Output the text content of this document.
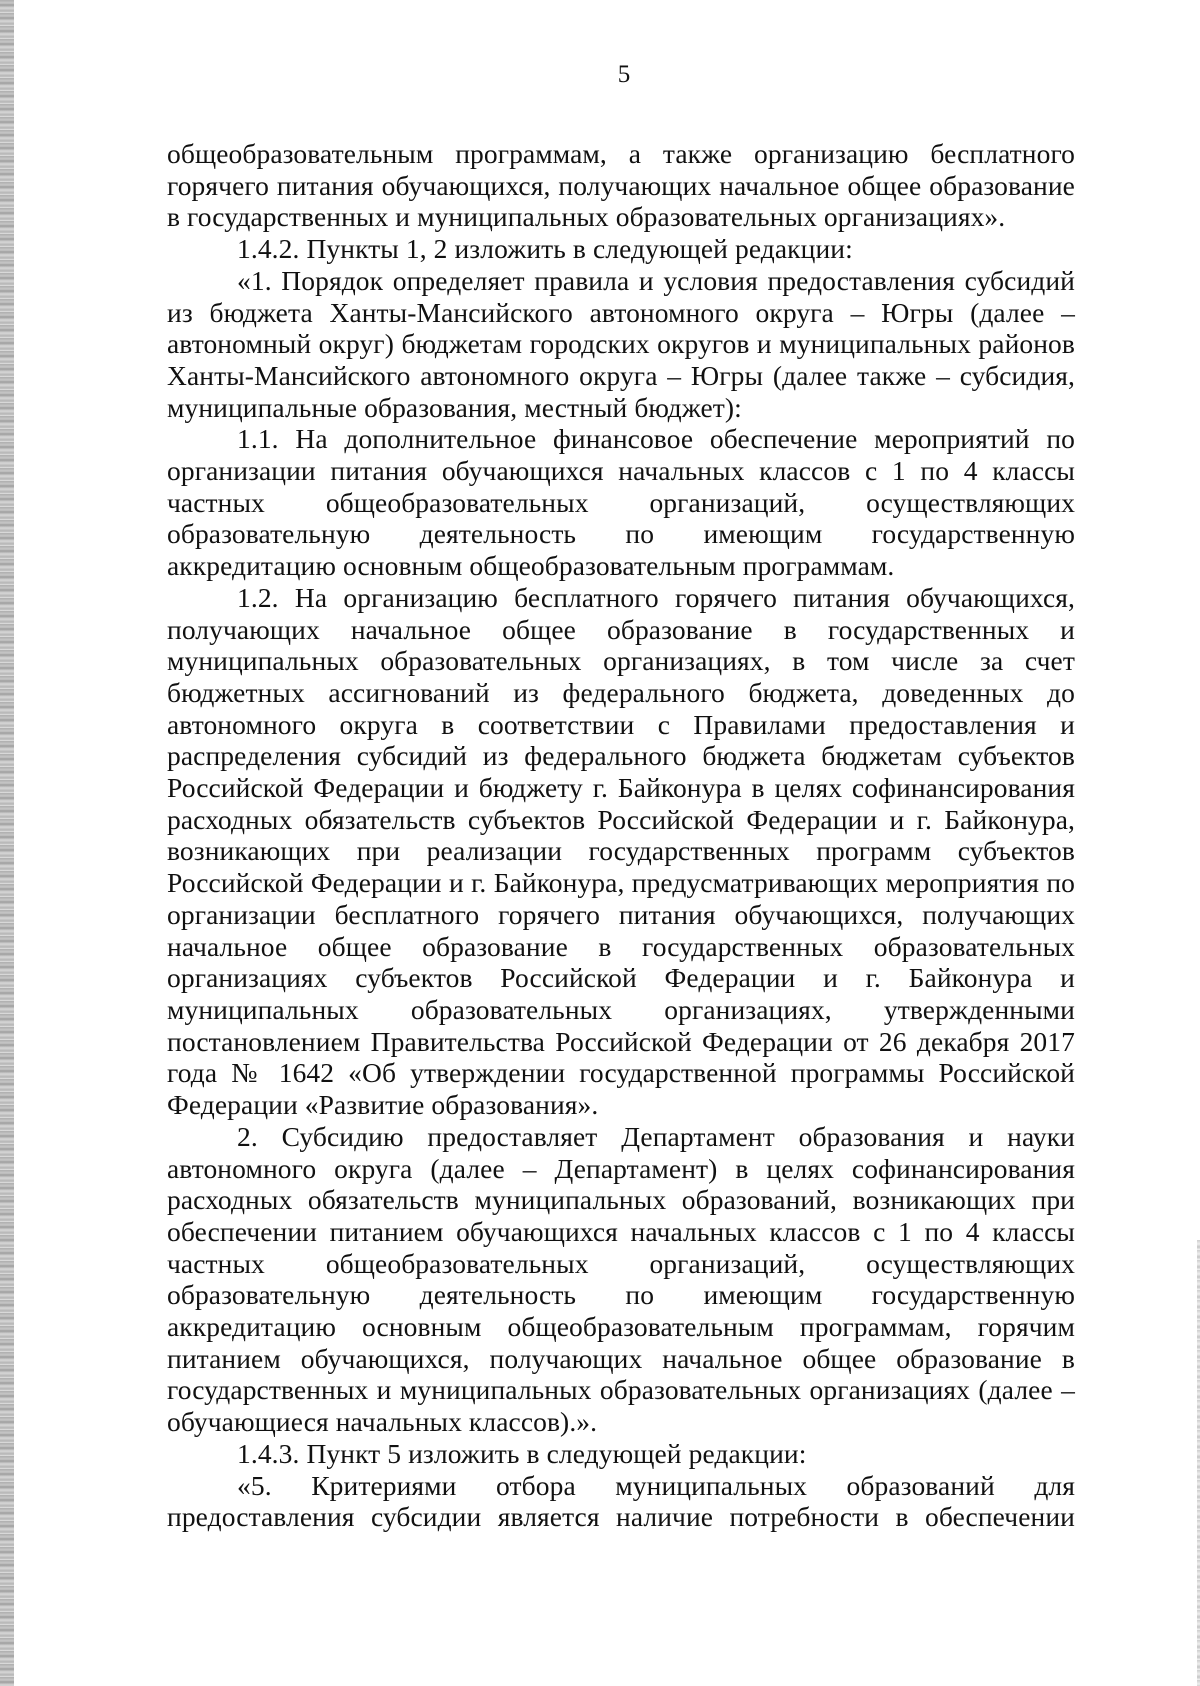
5

общеобразовательным программам, а также организацию бесплатного горячего питания обучающихся, получающих начальное общее образование в государственных и муниципальных образовательных организациях».

1.4.2. Пункты 1, 2 изложить в следующей редакции:

«1. Порядок определяет правила и условия предоставления субсидий из бюджета Ханты-Мансийского автономного округа – Югры (далее – автономный округ) бюджетам городских округов и муниципальных районов Ханты-Мансийского автономного округа – Югры (далее также – субсидия, муниципальные образования, местный бюджет):

1.1. На дополнительное финансовое обеспечение мероприятий по организации питания обучающихся начальных классов с 1 по 4 классы частных общеобразовательных организаций, осуществляющих образовательную деятельность по имеющим государственную аккредитацию основным общеобразовательным программам.

1.2. На организацию бесплатного горячего питания обучающихся, получающих начальное общее образование в государственных и муниципальных образовательных организациях, в том числе за счет бюджетных ассигнований из федерального бюджета, доведенных до автономного округа в соответствии с Правилами предоставления и распределения субсидий из федерального бюджета бюджетам субъектов Российской Федерации и бюджету г. Байконура в целях софинансирования расходных обязательств субъектов Российской Федерации и г. Байконура, возникающих при реализации государственных программ субъектов Российской Федерации и г. Байконура, предусматривающих мероприятия по организации бесплатного горячего питания обучающихся, получающих начальное общее образование в государственных образовательных организациях субъектов Российской Федерации и г. Байконура и муниципальных образовательных организациях, утвержденными постановлением Правительства Российской Федерации от 26 декабря 2017 года № 1642 «Об утверждении государственной программы Российской Федерации «Развитие образования».

2. Субсидию предоставляет Департамент образования и науки автономного округа (далее – Департамент) в целях софинансирования расходных обязательств муниципальных образований, возникающих при обеспечении питанием обучающихся начальных классов с 1 по 4 классы частных общеобразовательных организаций, осуществляющих образовательную деятельность по имеющим государственную аккредитацию основным общеобразовательным программам, горячим питанием обучающихся, получающих начальное общее образование в государственных и муниципальных образовательных организациях (далее – обучающиеся начальных классов).».

1.4.3. Пункт 5 изложить в следующей редакции:

«5. Критериями отбора муниципальных образований для предоставления субсидии является наличие потребности в обеспечении
